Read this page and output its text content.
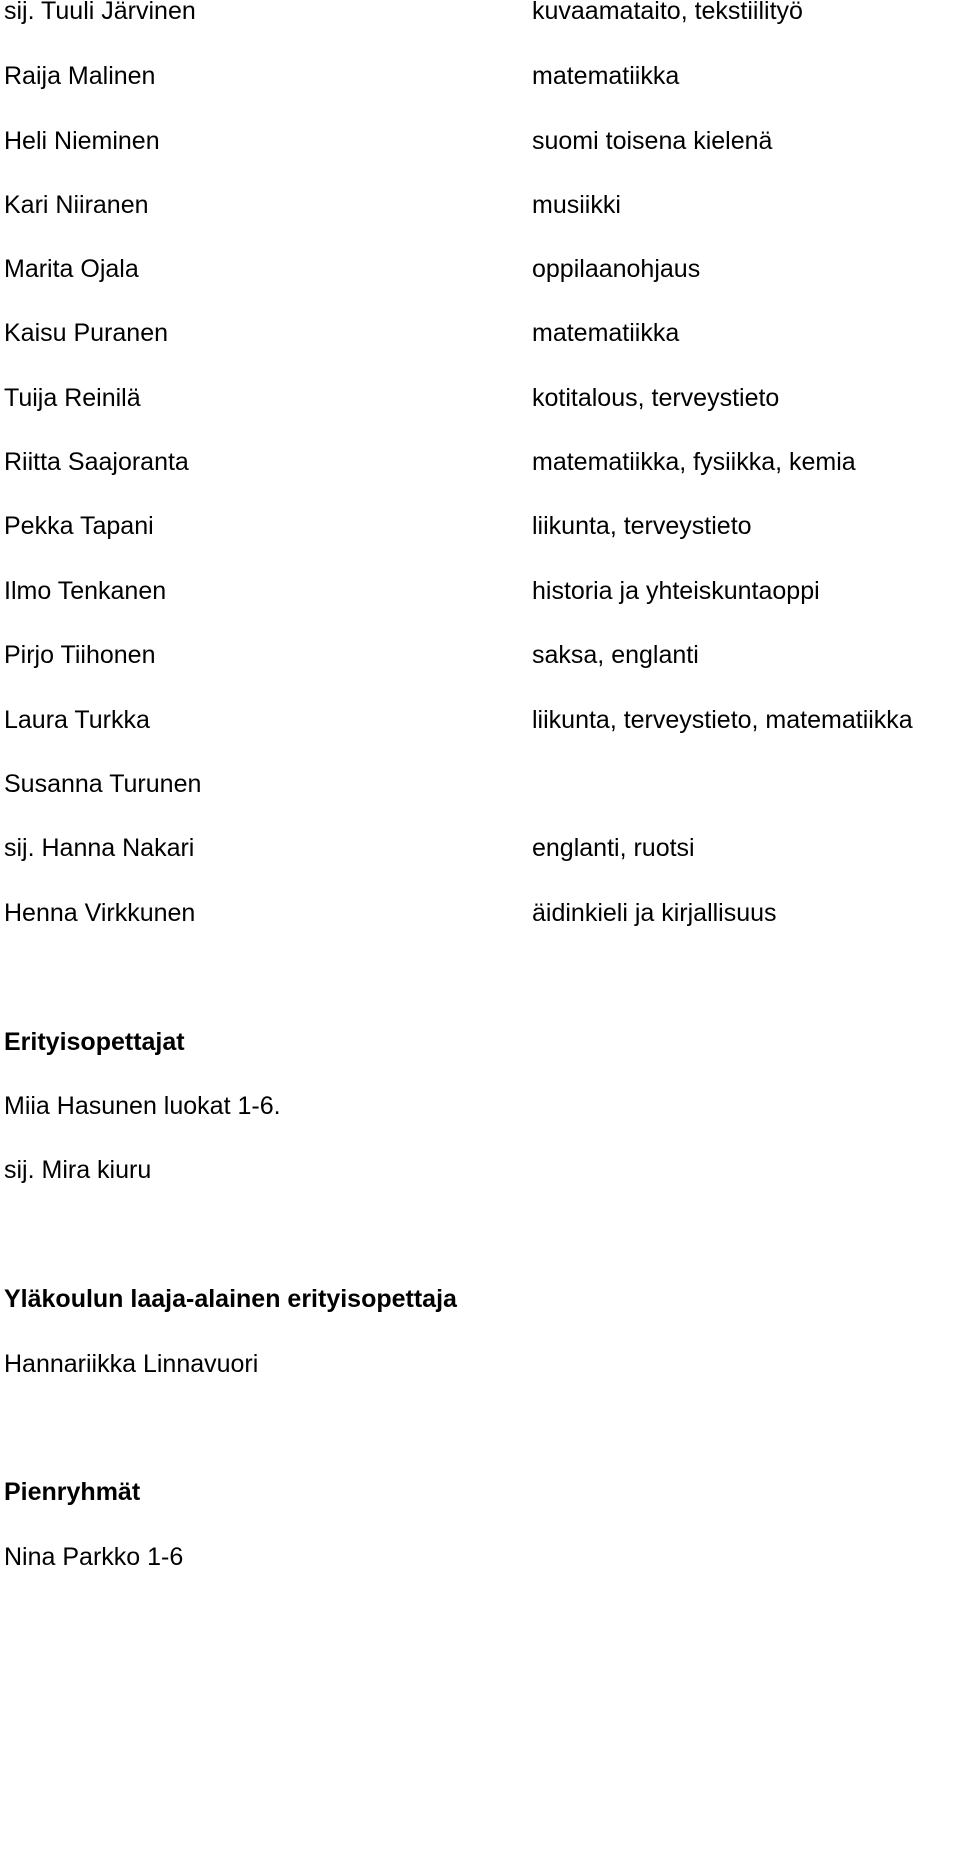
sij. Tuuli Järvinen	kuvaamataito, tekstiilityö
Raija Malinen	matematiikka
Heli Nieminen	suomi toisena kielenä
Kari Niiranen	musiikki
Marita Ojala	oppilaanohjaus
Kaisu Puranen	matematiikka
Tuija Reinilä	kotitalous, terveystieto
Riitta Saajoranta	matematiikka, fysiikka, kemia
Pekka Tapani	liikunta, terveystieto
Ilmo Tenkanen	historia ja yhteiskuntaoppi
Pirjo Tiihonen	saksa, englanti
Laura Turkka	liikunta, terveystieto, matematiikka
Susanna Turunen
sij. Hanna Nakari	englanti, ruotsi
Henna Virkkunen	äidinkieli ja kirjallisuus
Erityisopettajat
Miia Hasunen luokat 1-6.
sij. Mira kiuru
Yläkoulun laaja-alainen erityisopettaja
Hannariikka Linnavuori
Pienryhmät
Nina Parkko 1-6
